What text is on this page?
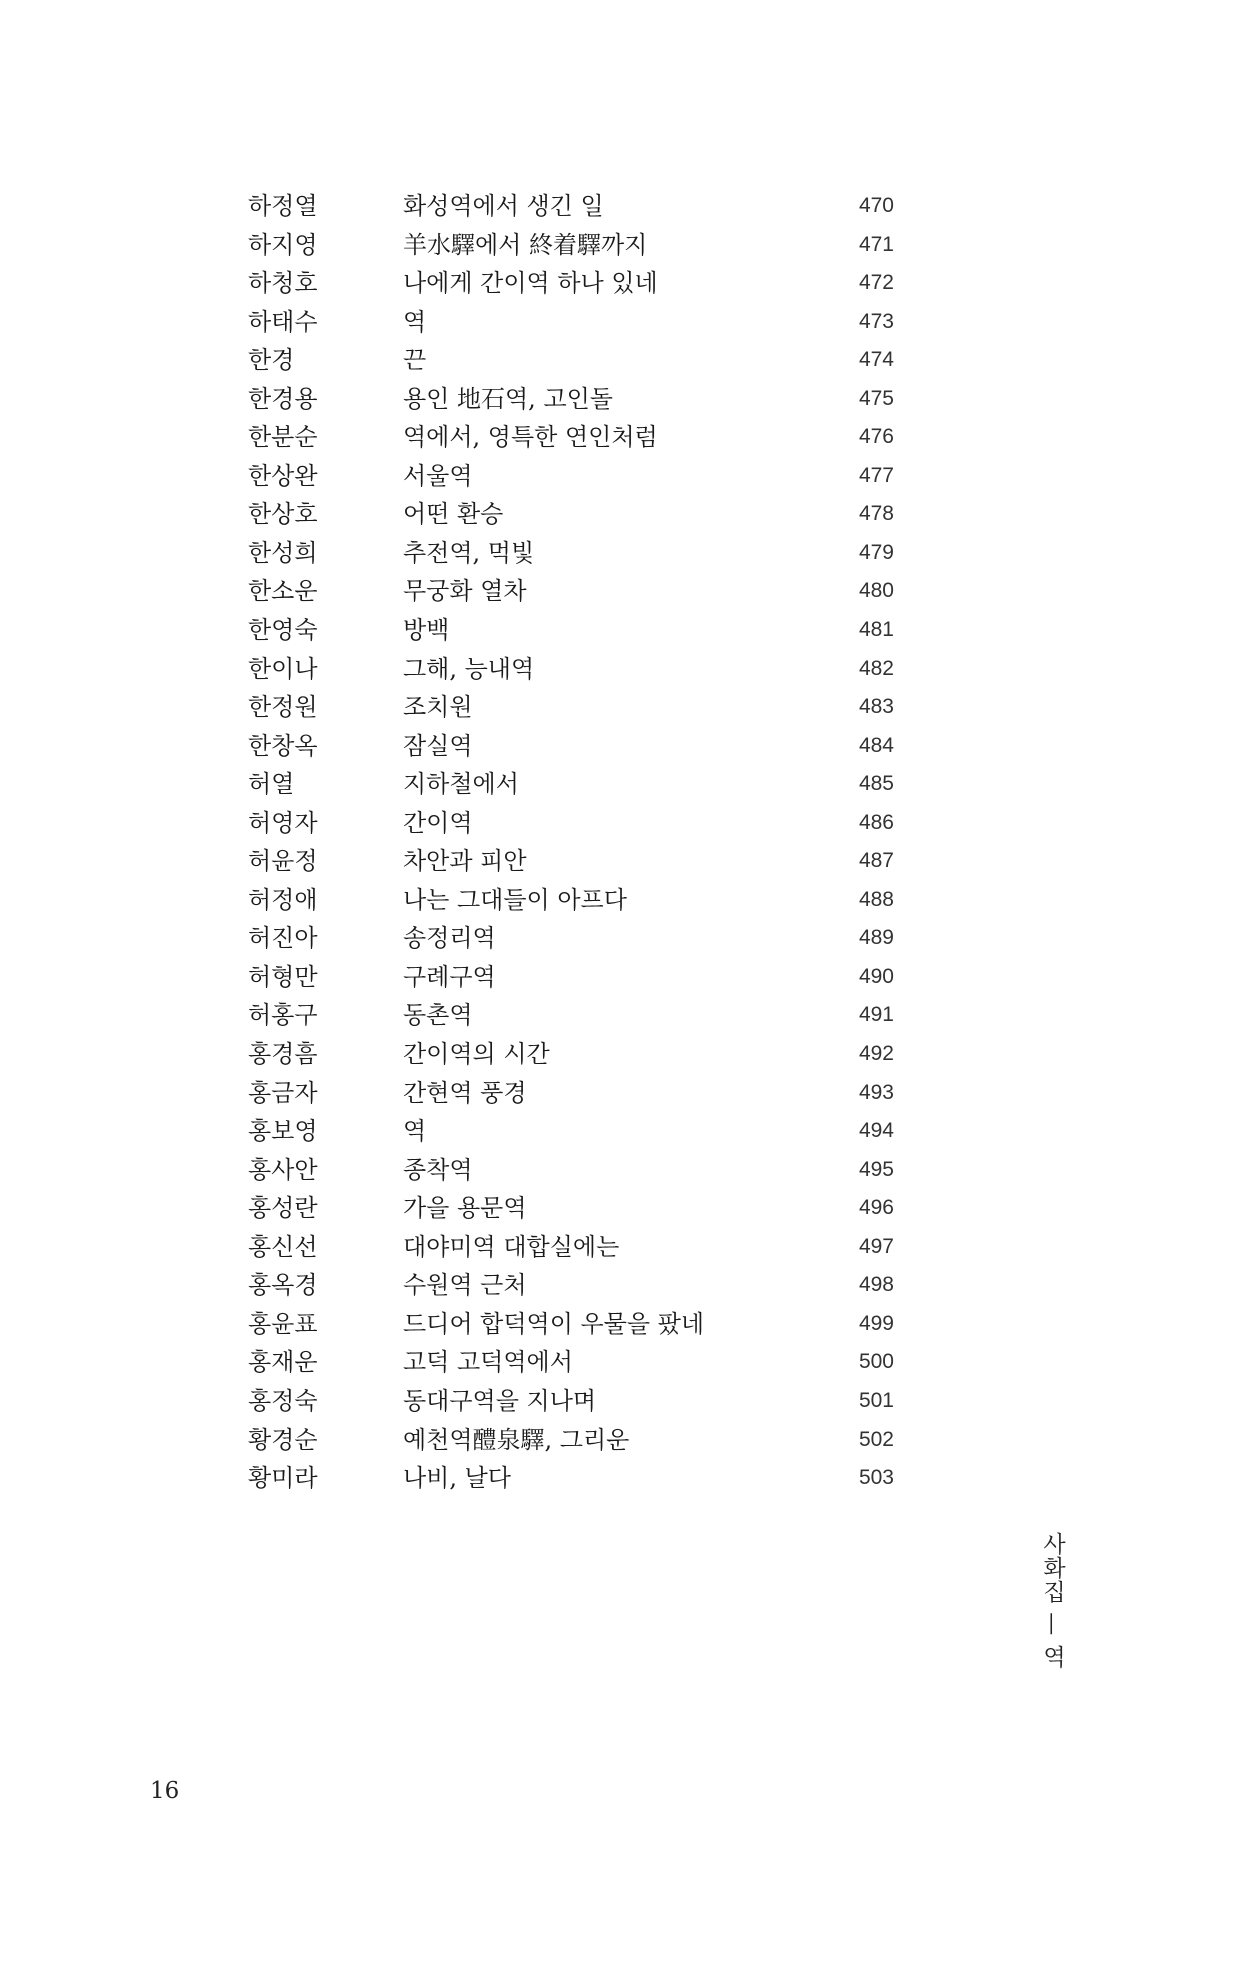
하정열	화성역에서 생긴 일	470
하지영	羊水驛에서 終着驛까지	471
하청호	나에게 간이역 하나 있네	472
하태수	역	473
한경	끈	474
한경용	용인 地石역, 고인돌	475
한분순	역에서, 영특한 연인처럼	476
한상완	서울역	477
한상호	어떤 환승	478
한성희	추전역, 먹빛	479
한소운	무궁화 열차	480
한영숙	방백	481
한이나	그해, 능내역	482
한정원	조치원	483
한창옥	잠실역	484
허열	지하철에서	485
허영자	간이역	486
허윤정	차안과 피안	487
허정애	나는 그대들이 아프다	488
허진아	송정리역	489
허형만	구례구역	490
허홍구	동촌역	491
홍경흠	간이역의 시간	492
홍금자	간현역 풍경	493
홍보영	역	494
홍사안	종착역	495
홍성란	가을 용문역	496
홍신선	대야미역 대합실에는	497
홍옥경	수원역 근처	498
홍윤표	드디어 합덕역이 우물을 팠네	499
홍재운	고덕 고덕역에서	500
홍정숙	동대구역을 지나며	501
황경순	예천역醴泉驛, 그리운	502
황미라	나비, 날다	503
사화집 — 역
16
